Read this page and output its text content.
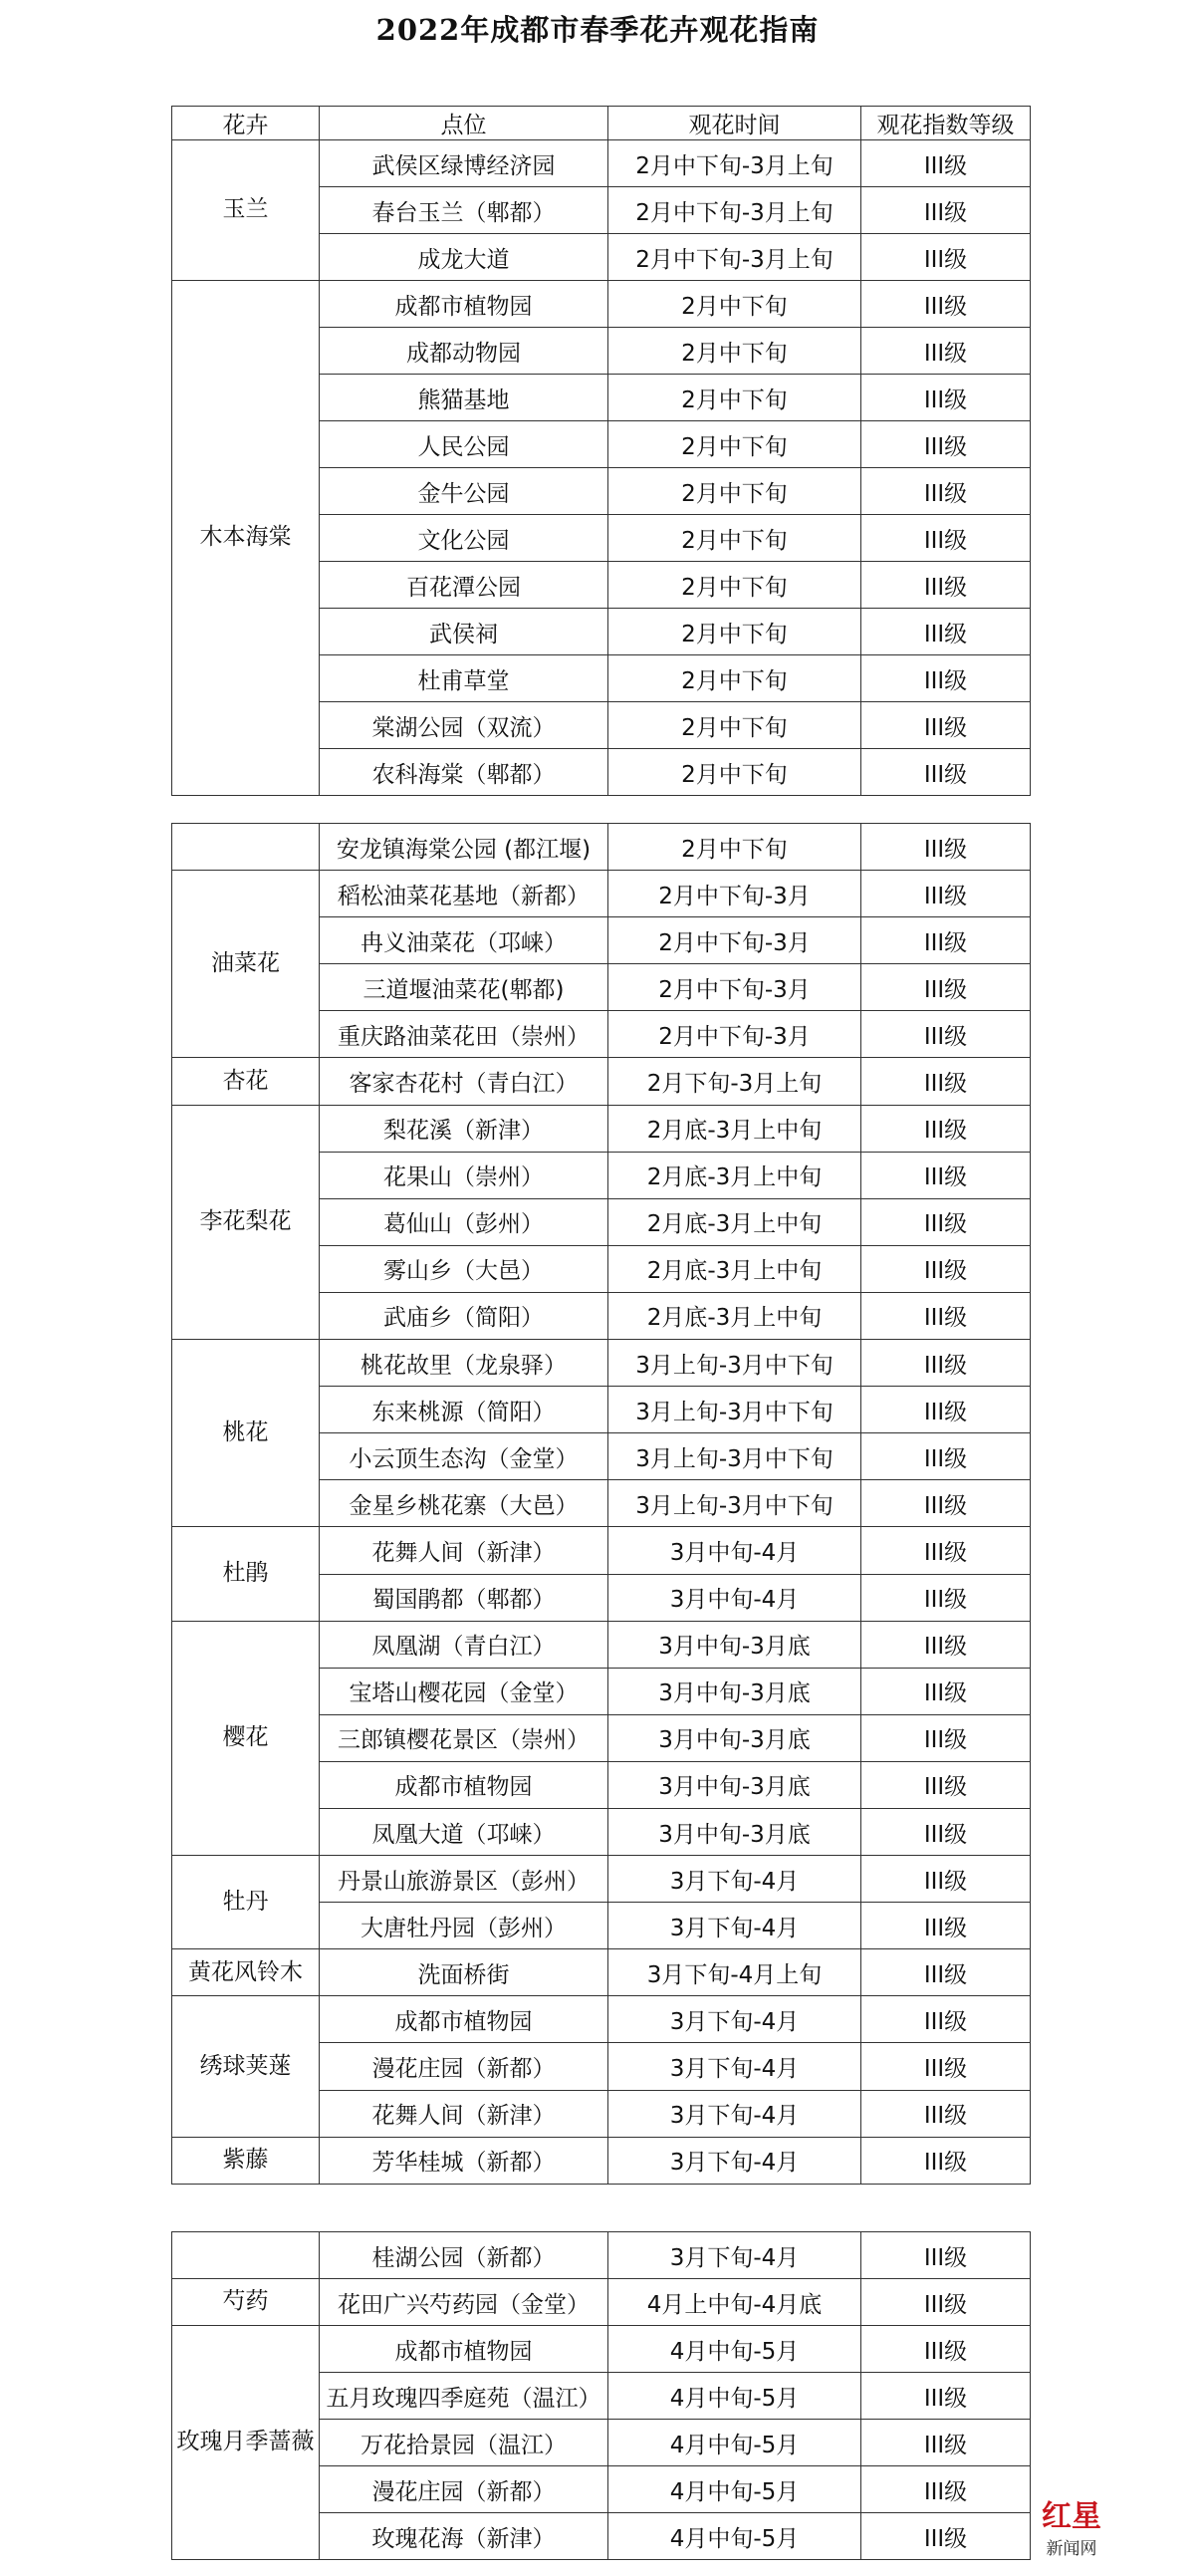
2022年成都市春季花卉观花指南
花卉	点位	观花时间	观花指数等级
玉兰	武侯区绿博经济园	2月中下旬-3月上旬	III级
	春台玉兰（郫都）	2月中下旬-3月上旬	III级
	成龙大道	2月中下旬-3月上旬	III级
木本海棠	成都市植物园	2月中下旬	III级
	成都动物园	2月中下旬	III级
	熊猫基地	2月中下旬	III级
	人民公园	2月中下旬	III级
	金牛公园	2月中下旬	III级
	文化公园	2月中下旬	III级
	百花潭公园	2月中下旬	III级
	武侯祠	2月中下旬	III级
	杜甫草堂	2月中下旬	III级
	棠湖公园（双流）	2月中下旬	III级
	农科海棠（郫都）	2月中下旬	III级
	安龙镇海棠公园 (都江堰)	2月中下旬	III级
油菜花	稻松油菜花基地（新都）	2月中下旬-3月	III级
	冉义油菜花（邛崃）	2月中下旬-3月	III级
	三道堰油菜花(郫都)	2月中下旬-3月	III级
	重庆路油菜花田（崇州）	2月中下旬-3月	III级
杏花	客家杏花村（青白江）	2月下旬-3月上旬	III级
李花梨花	梨花溪（新津）	2月底-3月上中旬	III级
	花果山（崇州）	2月底-3月上中旬	III级
	葛仙山（彭州）	2月底-3月上中旬	III级
	雾山乡（大邑）	2月底-3月上中旬	III级
	武庙乡（简阳）	2月底-3月上中旬	III级
桃花	桃花故里（龙泉驿）	3月上旬-3月中下旬	III级
	东来桃源（简阳）	3月上旬-3月中下旬	III级
	小云顶生态沟（金堂）	3月上旬-3月中下旬	III级
	金星乡桃花寨（大邑）	3月上旬-3月中下旬	III级
杜鹃	花舞人间（新津）	3月中旬-4月	III级
	蜀国鹃都（郫都）	3月中旬-4月	III级
樱花	凤凰湖（青白江）	3月中旬-3月底	III级
	宝塔山樱花园（金堂）	3月中旬-3月底	III级
	三郎镇樱花景区（崇州）	3月中旬-3月底	III级
	成都市植物园	3月中旬-3月底	III级
	凤凰大道（邛崃）	3月中旬-3月底	III级
牡丹	丹景山旅游景区（彭州）	3月下旬-4月	III级
	大唐牡丹园（彭州）	3月下旬-4月	III级
黄花风铃木	洗面桥街	3月下旬-4月上旬	III级
绣球荚蒾	成都市植物园	3月下旬-4月	III级
	漫花庄园（新都）	3月下旬-4月	III级
	花舞人间（新津）	3月下旬-4月	III级
紫藤	芳华桂城（新都）	3月下旬-4月	III级
	桂湖公园（新都）	3月下旬-4月	III级
芍药	花田广兴芍药园（金堂）	4月上中旬-4月底	III级
玫瑰月季蔷薇	成都市植物园	4月中旬-5月	III级
	五月玫瑰四季庭苑（温江）	4月中旬-5月	III级
	万花拾景园（温江）	4月中旬-5月	III级
	漫花庄园（新都）	4月中旬-5月	III级
	玫瑰花海（新津）	4月中旬-5月	III级
红星
新闻网
